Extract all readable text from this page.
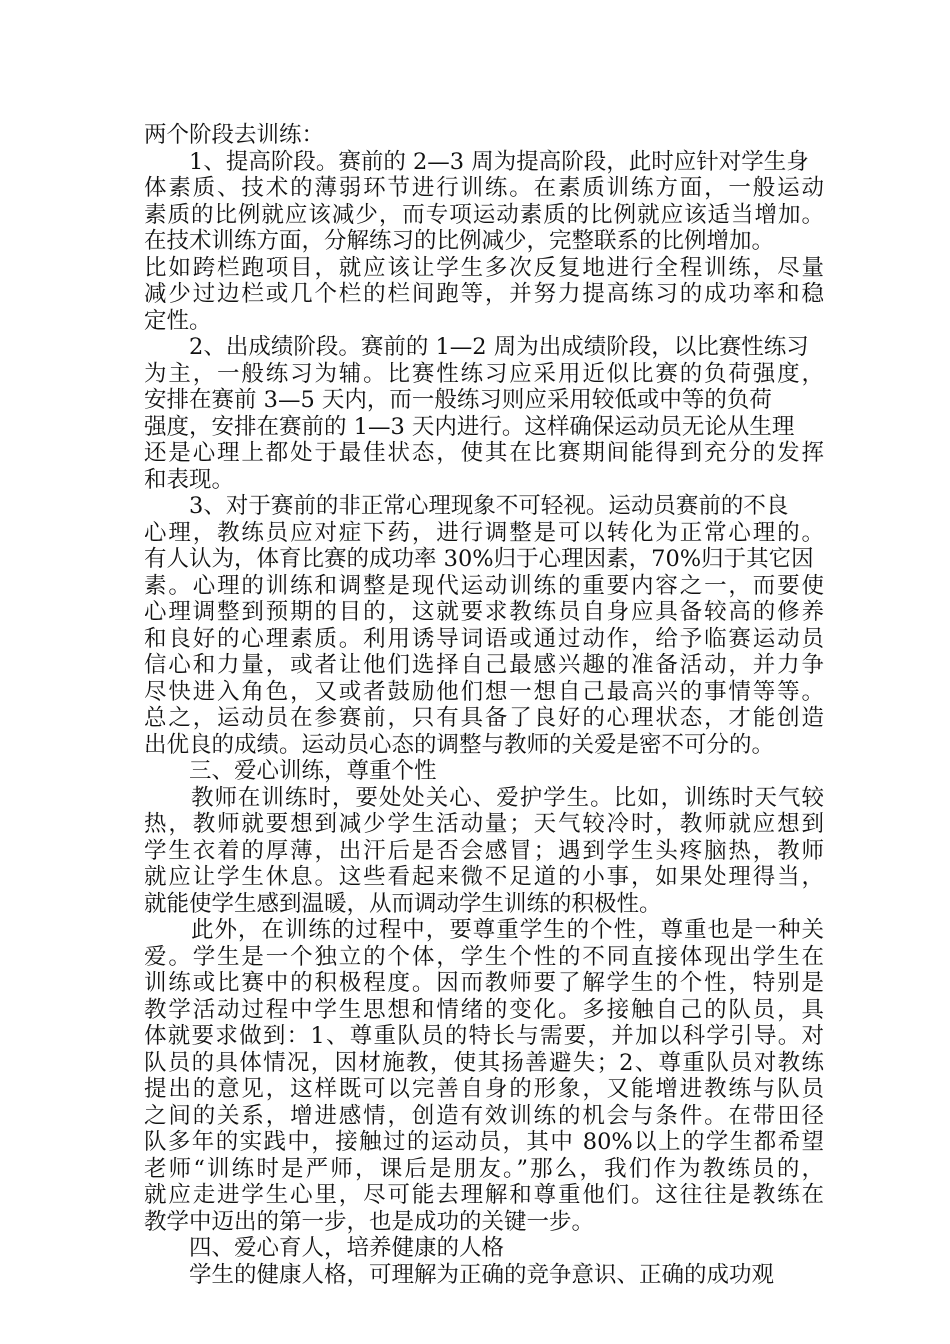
两个阶段去训练：
　　1、提高阶段。赛前的 2—3 周为提高阶段，此时应针对学生身
体素质、技术的薄弱环节进行训练。在素质训练方面，一般运动
素质的比例就应该减少，而专项运动素质的比例就应该适当增加。
在技术训练方面，分解练习的比例减少，完整联系的比例增加。
比如跨栏跑项目，就应该让学生多次反复地进行全程训练，尽量
减少过边栏或几个栏的栏间跑等，并努力提高练习的成功率和稳
定性。
　　2、出成绩阶段。赛前的 1—2 周为出成绩阶段，以比赛性练习
为主，一般练习为辅。比赛性练习应采用近似比赛的负荷强度，
安排在赛前 3—5 天内，而一般练习则应采用较低或中等的负荷
强度，安排在赛前的 1—3 天内进行。这样确保运动员无论从生理
还是心理上都处于最佳状态，使其在比赛期间能得到充分的发挥
和表现。
　　3、对于赛前的非正常心理现象不可轻视。运动员赛前的不良
心理，教练员应对症下药，进行调整是可以转化为正常心理的。
有人认为，体育比赛的成功率 30%归于心理因素，70%归于其它因
素。心理的训练和调整是现代运动训练的重要内容之一，而要使
心理调整到预期的目的，这就要求教练员自身应具备较高的修养
和良好的心理素质。利用诱导词语或通过动作，给予临赛运动员
信心和力量，或者让他们选择自己最感兴趣的准备活动，并力争
尽快进入角色，又或者鼓励他们想一想自己最高兴的事情等等。
总之，运动员在参赛前，只有具备了良好的心理状态，才能创造
出优良的成绩。运动员心态的调整与教师的关爱是密不可分的。
　　三、爱心训练，尊重个性
　　教师在训练时，要处处关心、爱护学生。比如，训练时天气较
热，教师就要想到减少学生活动量；天气较冷时，教师就应想到
学生衣着的厚薄，出汗后是否会感冒；遇到学生头疼脑热，教师
就应让学生休息。这些看起来微不足道的小事，如果处理得当，
就能使学生感到温暖，从而调动学生训练的积极性。
　　此外，在训练的过程中，要尊重学生的个性，尊重也是一种关
爱。学生是一个独立的个体，学生个性的不同直接体现出学生在
训练或比赛中的积极程度。因而教师要了解学生的个性，特别是
教学活动过程中学生思想和情绪的变化。多接触自己的队员，具
体就要求做到：1、尊重队员的特长与需要，并加以科学引导。对
队员的具体情况，因材施教，使其扬善避失；2、尊重队员对教练
提出的意见，这样既可以完善自身的形象，又能增进教练与队员
之间的关系，增进感情，创造有效训练的机会与条件。在带田径
队多年的实践中，接触过的运动员，其中 80%以上的学生都希望
老师“训练时是严师，课后是朋友。”那么，我们作为教练员的，
就应走进学生心里，尽可能去理解和尊重他们。这往往是教练在
教学中迈出的第一步，也是成功的关键一步。
　　四、爱心育人，培养健康的人格
　　学生的健康人格，可理解为正确的竞争意识、正确的成功观
